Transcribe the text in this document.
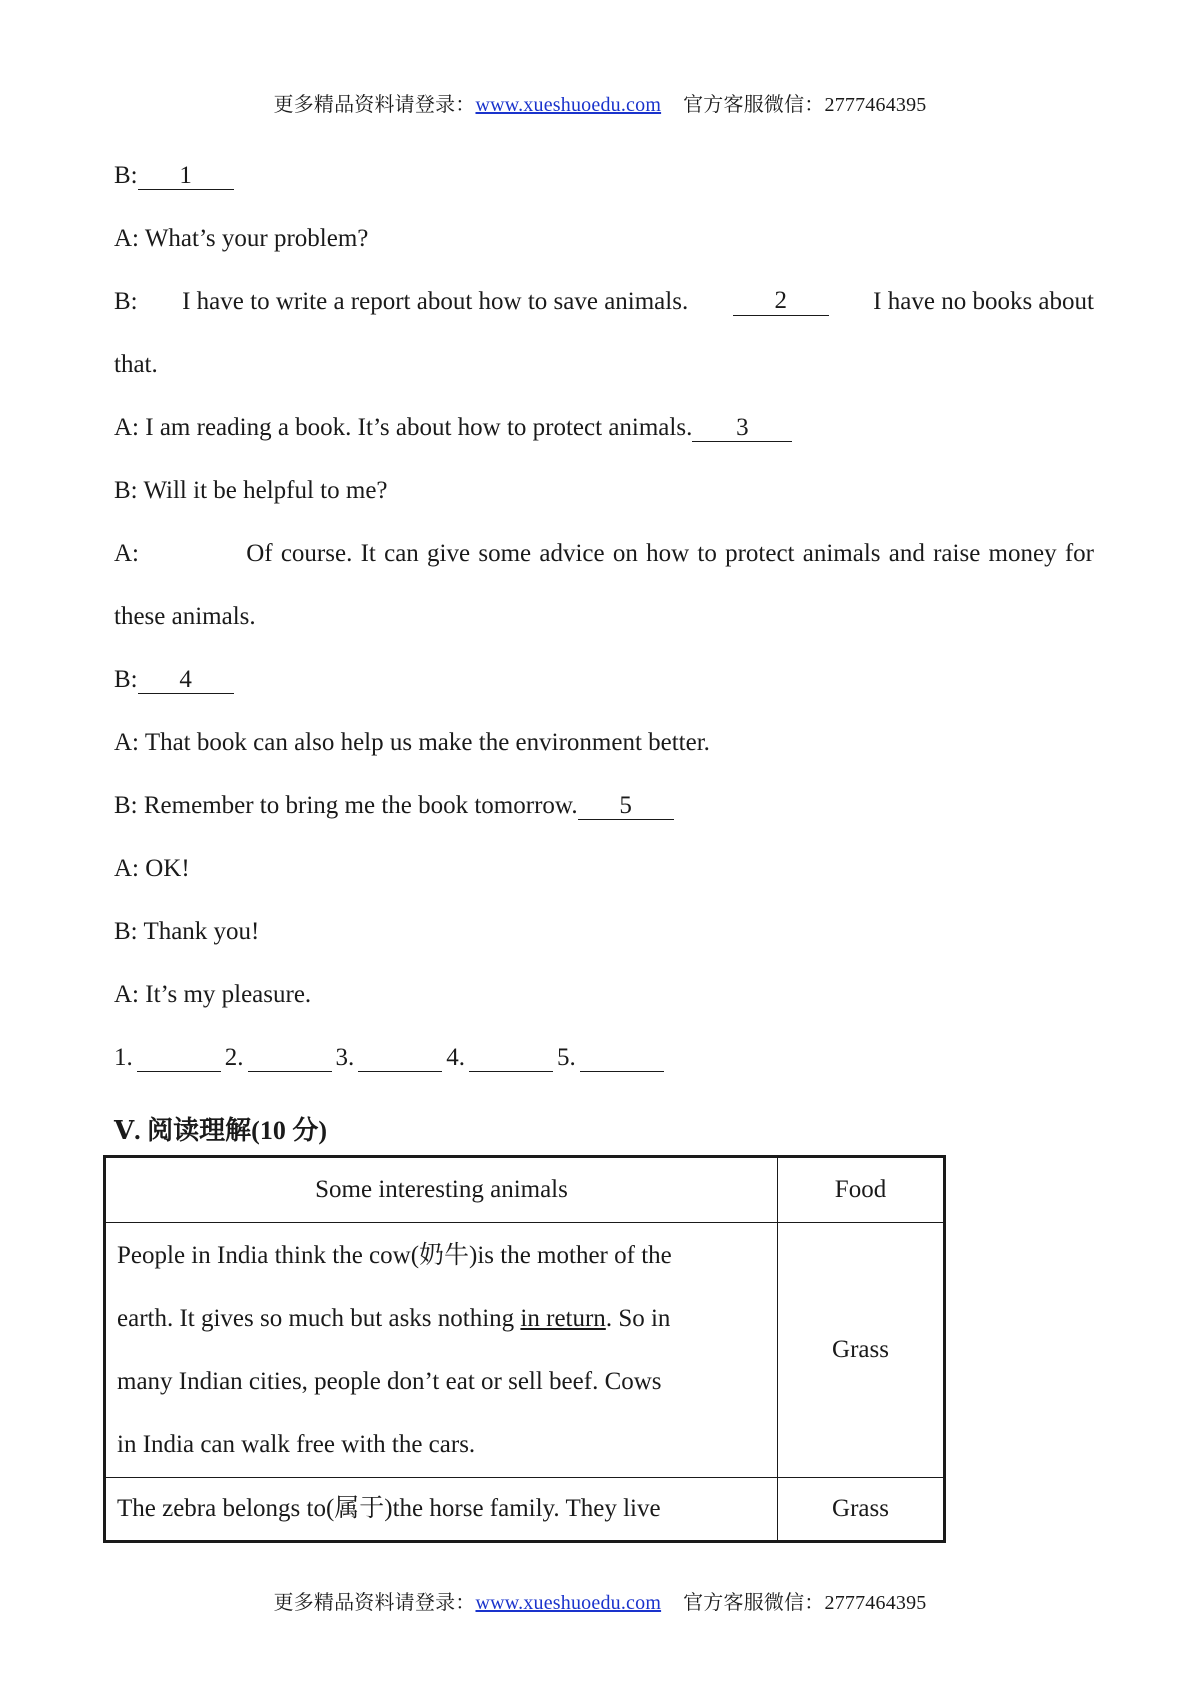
更多精品资料请登录：www.xueshuoedu.com 官方客服微信：2777464395
B: 1
A: What’s your problem?
B: I have to write a report about how to save animals.	2	I have no books about
that.
A: I am reading a book. It’s about how to protect animals. 3
B: Will it be helpful to me?
A:	Of course. It can give some advice on how to protect animals and raise money for
these animals.
B: 4
A: That book can also help us make the environment better.
B: Remember to bring me the book tomorrow. 5
A: OK!
B: Thank you!
A: It’s my pleasure.
1.	2.	3.	4.	5.
Ⅴ. 阅读理解(10 分)
Some interesting animals	Food

People in India think the cow(奶牛)is the mother of the
earth. It gives so much but asks nothing in return. So in
many Indian cities, people don’t eat or sell beef. Cows
in India can walk free with the cars.	Grass

The zebra belongs to(属于)the horse family. They live	Grass
更多精品资料请登录：www.xueshuoedu.com 官方客服微信：2777464395
